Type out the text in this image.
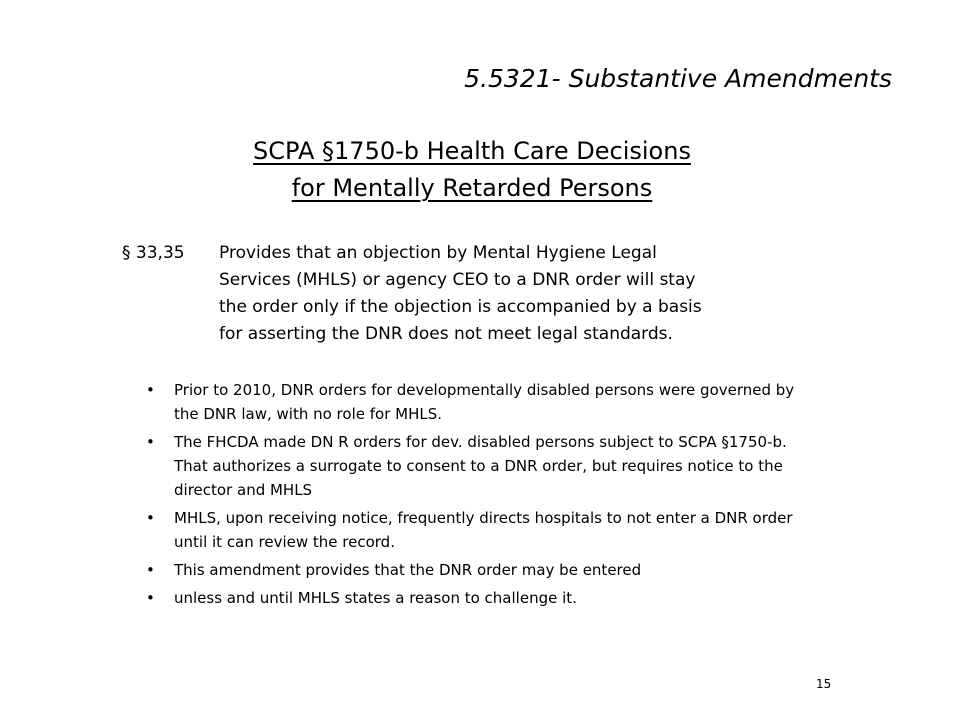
5.5321- Substantive Amendments
SCPA §1750-b Health Care Decisions
for Mentally Retarded Persons
§ 33,35 Provides that an objection by Mental Hygiene Legal
Services (MHLS) or agency CEO to a DNR order will stay
the order only if the objection is accompanied by a basis
for asserting the DNR does not meet legal standards.
• Prior to 2010, DNR orders for developmentally disabled persons were governed by
the DNR law, with no role for MHLS.
• The FHCDA made DN R orders for dev. disabled persons subject to SCPA §1750-b.
That authorizes a surrogate to consent to a DNR order, but requires notice to the
director and MHLS
• MHLS, upon receiving notice, frequently directs hospitals to not enter a DNR order
until it can review the record.
• This amendment provides that the DNR order may be entered
• unless and until MHLS states a reason to challenge it.
15
